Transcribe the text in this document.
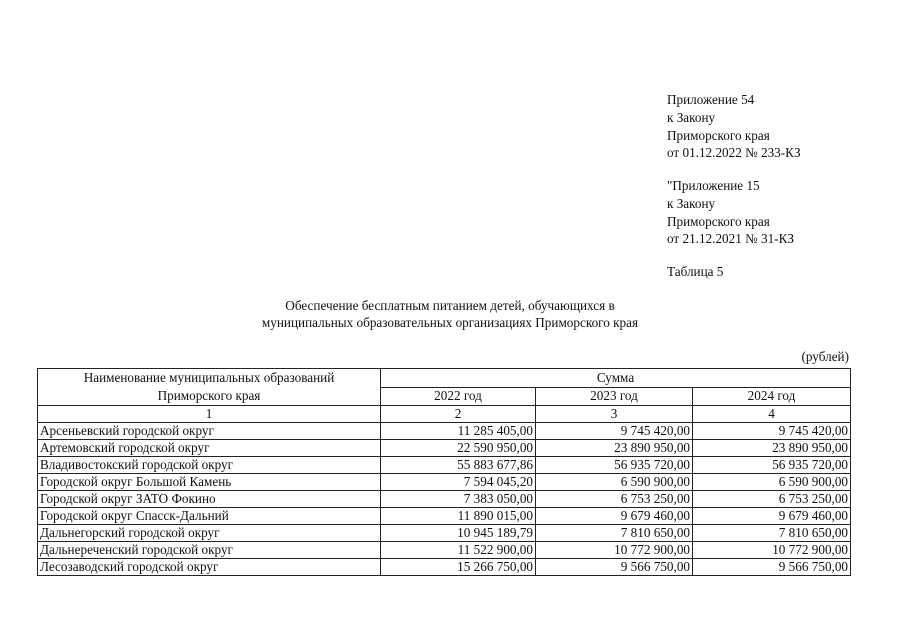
Приложение 54
к Закону
Приморского края
от 01.12.2022 № 233-КЗ
"Приложение 15
к Закону
Приморского края
от 21.12.2021 № 31-КЗ
Таблица 5
Обеспечение бесплатным питанием детей, обучающихся в
муниципальных образовательных организациях Приморского края
(рублей)
Наименование муниципальных образований
Приморского края	Сумма		
	2022 год	2023 год	2024 год
1	2	3	4
Арсеньевский городской округ	11 285 405,00	9 745 420,00	9 745 420,00
Артемовский городской округ	22 590 950,00	23 890 950,00	23 890 950,00
Владивостокский городской округ	55 883 677,86	56 935 720,00	56 935 720,00
Городской округ Большой Камень	7 594 045,20	6 590 900,00	6 590 900,00
Городской округ ЗАТО Фокино	7 383 050,00	6 753 250,00	6 753 250,00
Городской округ Спасск-Дальний	11 890 015,00	9 679 460,00	9 679 460,00
Дальнегорский городской округ	10 945 189,79	7 810 650,00	7 810 650,00
Дальнереченский городской округ	11 522 900,00	10 772 900,00	10 772 900,00
Лесозаводский городской округ	15 266 750,00	9 566 750,00	9 566 750,00
